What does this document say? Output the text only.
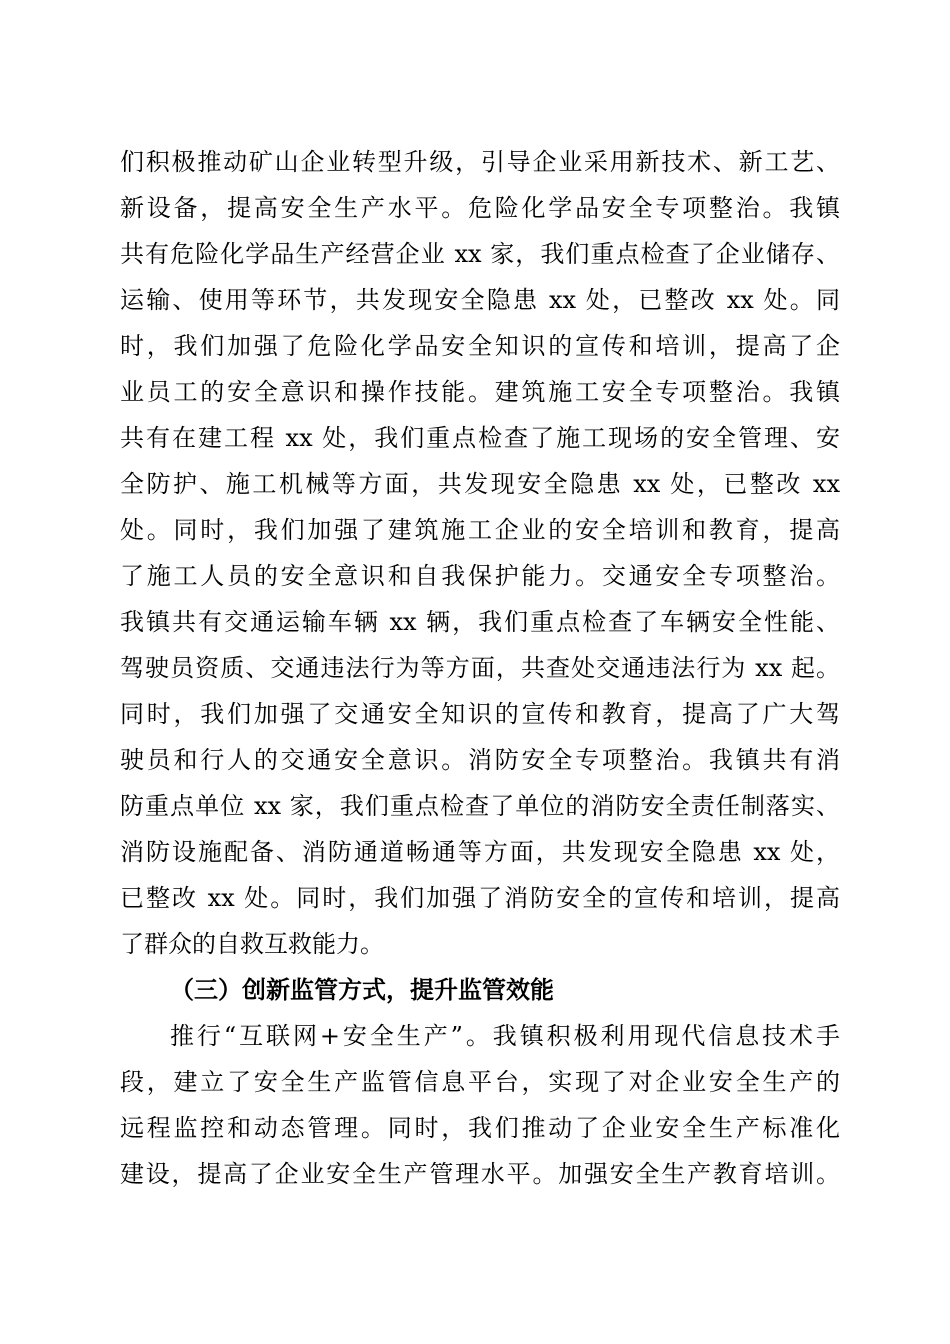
们积极推动矿山企业转型升级，引导企业采用新技术、新工艺、
新设备，提高安全生产水平。危险化学品安全专项整治。我镇
共有危险化学品生产经营企业 xx 家，我们重点检查了企业储存、
运输、使用等环节，共发现安全隐患 xx 处，已整改 xx 处。同
时，我们加强了危险化学品安全知识的宣传和培训，提高了企
业员工的安全意识和操作技能。建筑施工安全专项整治。我镇
共有在建工程 xx 处，我们重点检查了施工现场的安全管理、安
全防护、施工机械等方面，共发现安全隐患 xx 处，已整改 xx
处。同时，我们加强了建筑施工企业的安全培训和教育，提高
了施工人员的安全意识和自我保护能力。交通安全专项整治。
我镇共有交通运输车辆 xx 辆，我们重点检查了车辆安全性能、
驾驶员资质、交通违法行为等方面，共查处交通违法行为 xx 起。
同时，我们加强了交通安全知识的宣传和教育，提高了广大驾
驶员和行人的交通安全意识。消防安全专项整治。我镇共有消
防重点单位 xx 家，我们重点检查了单位的消防安全责任制落实、
消防设施配备、消防通道畅通等方面，共发现安全隐患 xx 处，
已整改 xx 处。同时，我们加强了消防安全的宣传和培训，提高
了群众的自救互救能力。
（三）创新监管方式，提升监管效能
推行“互联网+安全生产”。我镇积极利用现代信息技术手
段，建立了安全生产监管信息平台，实现了对企业安全生产的
远程监控和动态管理。同时，我们推动了企业安全生产标准化
建设，提高了企业安全生产管理水平。加强安全生产教育培训。
